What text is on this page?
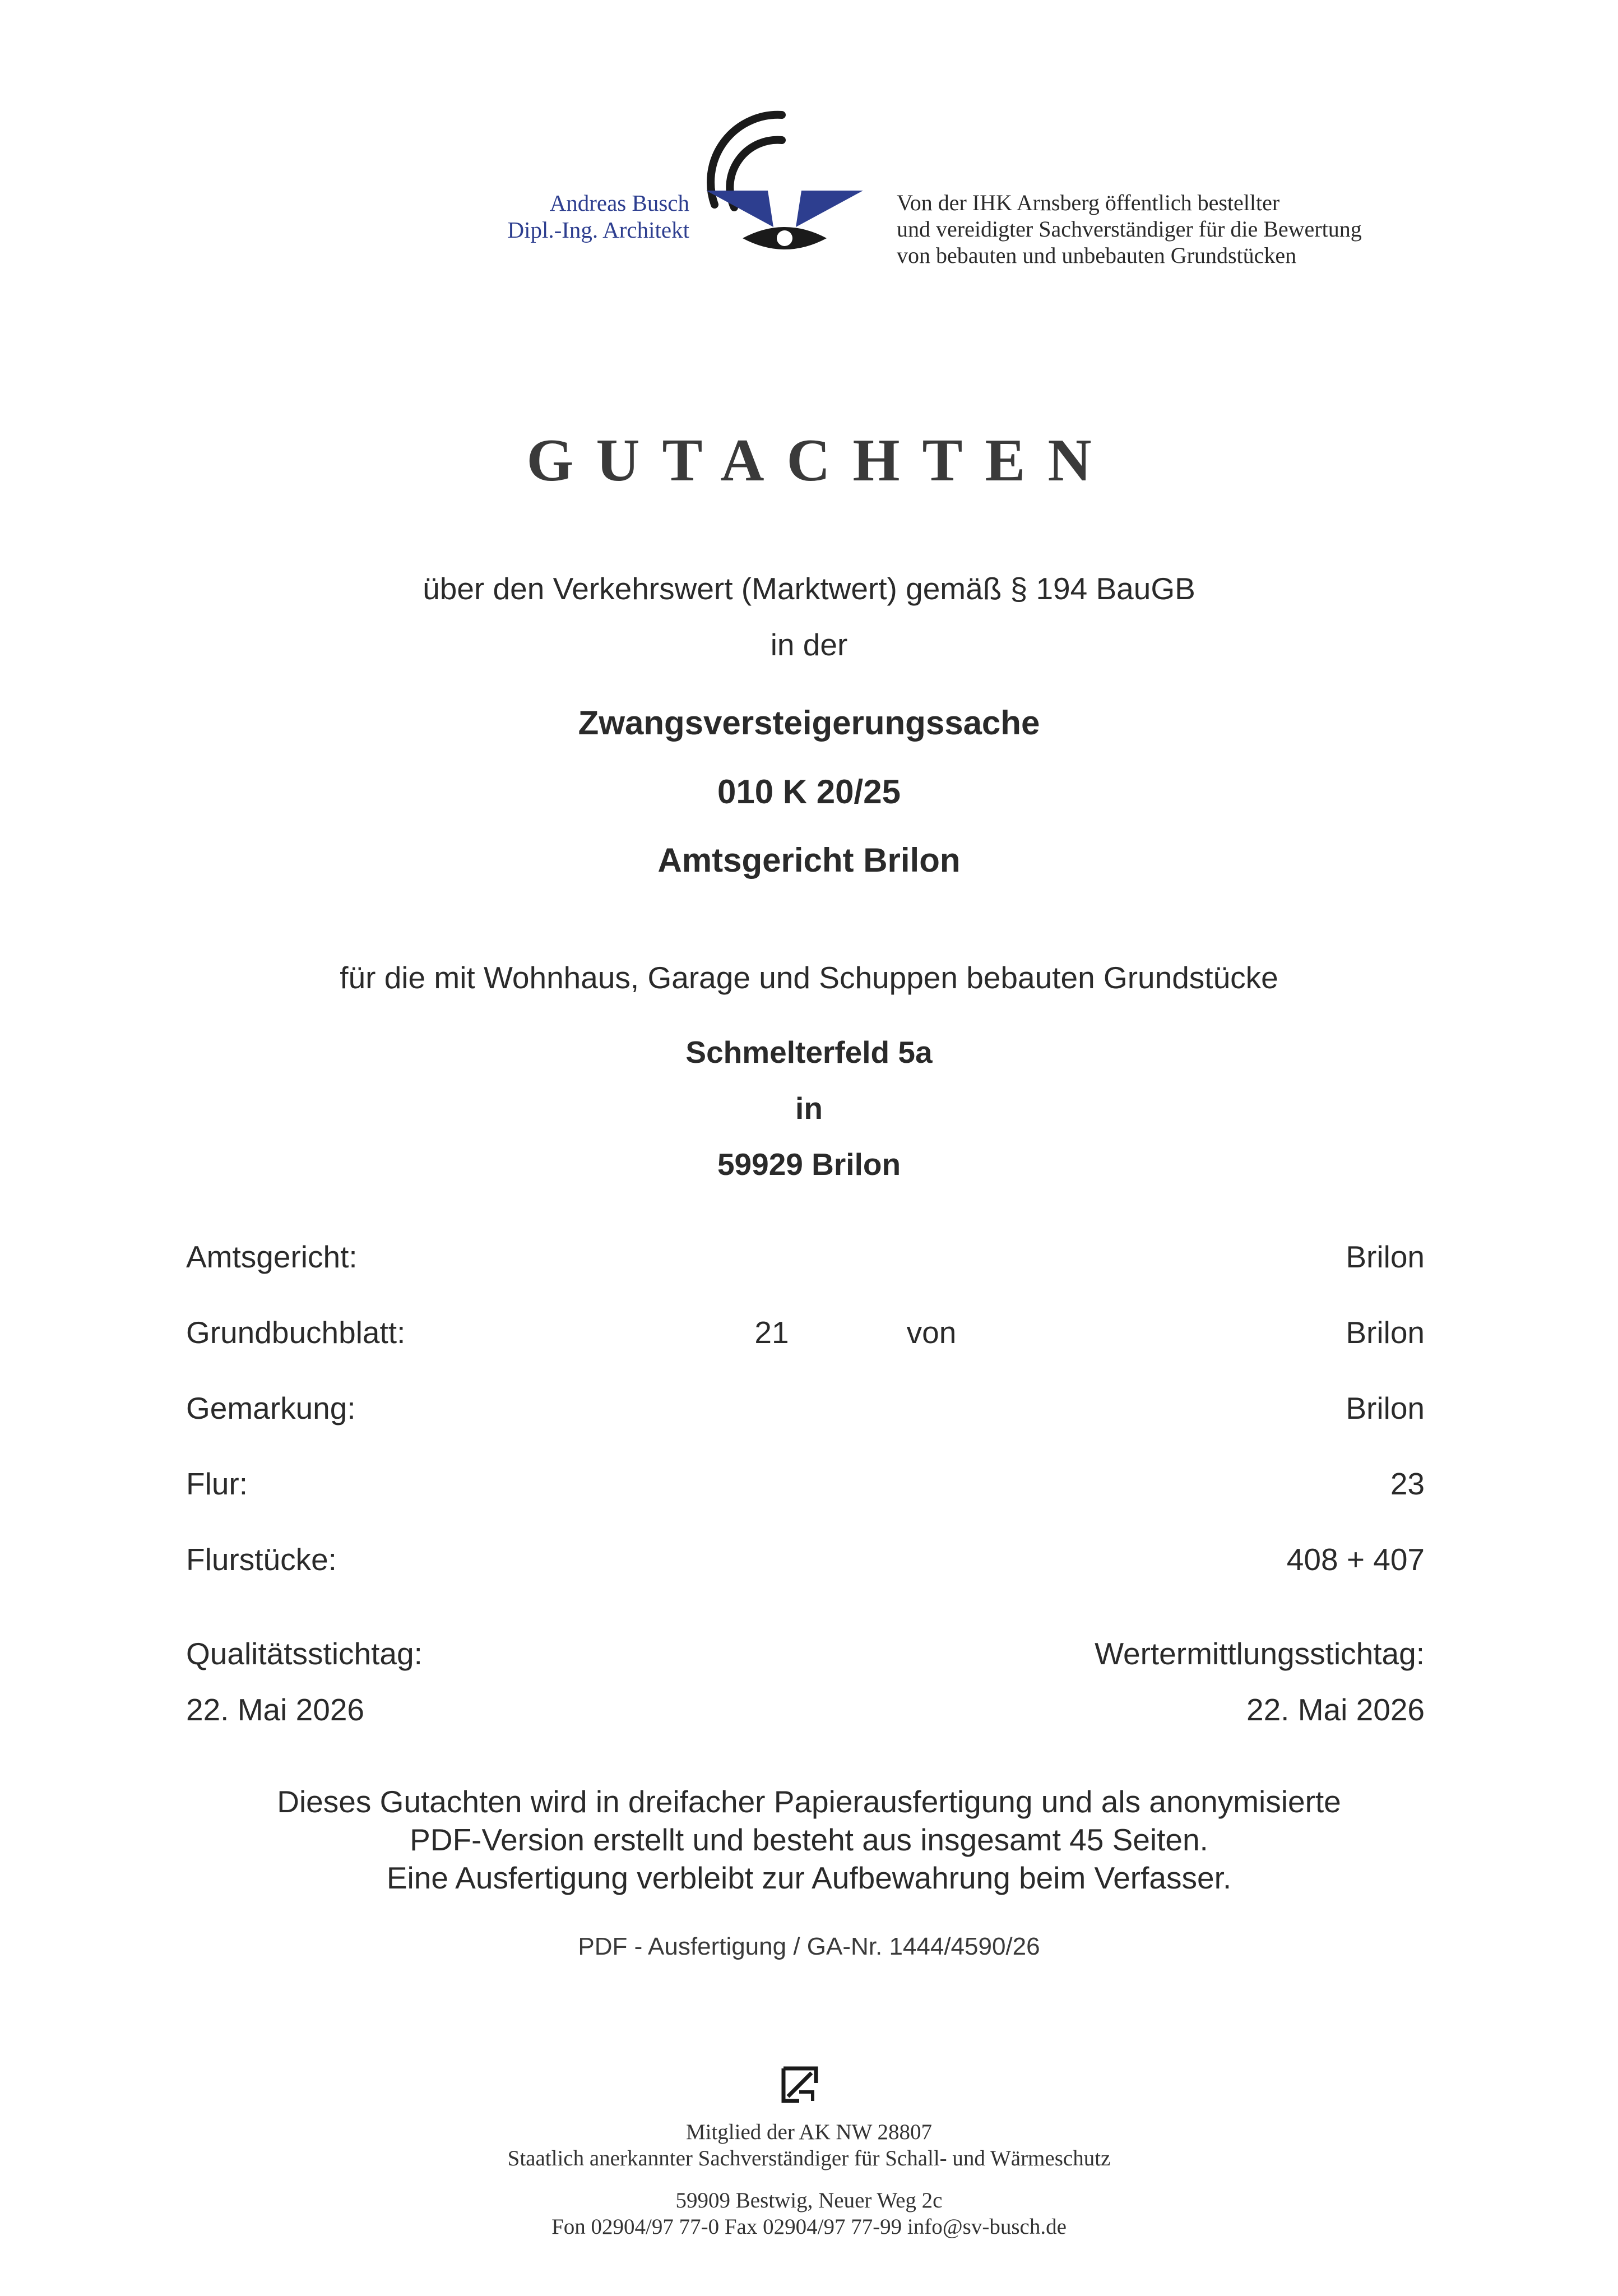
Andreas Busch
Dipl.-Ing. Architekt
Von der IHK Arnsberg öffentlich bestellter
und vereidigter Sachverständiger für die Bewertung
von bebauten und unbebauten Grundstücken
GUTACHTEN
über den Verkehrswert (Marktwert) gemäß § 194 BauGB
in der
Zwangsversteigerungssache
010 K 20/25
Amtsgericht Brilon
für die mit Wohnhaus, Garage und Schuppen bebauten Grundstücke
Schmelterfeld 5a
in
59929 Brilon
Amtsgericht:	Brilon
Grundbuchblatt:	21	von	Brilon
Gemarkung:	Brilon
Flur:	23
Flurstücke:	408 + 407
Qualitätsstichtag:	Wertermittlungsstichtag:
22. Mai 2026	22. Mai 2026
Dieses Gutachten wird in dreifacher Papierausfertigung und als anonymisierte
PDF-Version erstellt und besteht aus insgesamt 45 Seiten.
Eine Ausfertigung verbleibt zur Aufbewahrung beim Verfasser.
PDF - Ausfertigung / GA-Nr. 1444/4590/26
Mitglied der AK NW 28807
Staatlich anerkannter Sachverständiger für Schall- und Wärmeschutz
59909 Bestwig, Neuer Weg 2c
Fon 02904/97 77-0 Fax 02904/97 77-99 info@sv-busch.de
